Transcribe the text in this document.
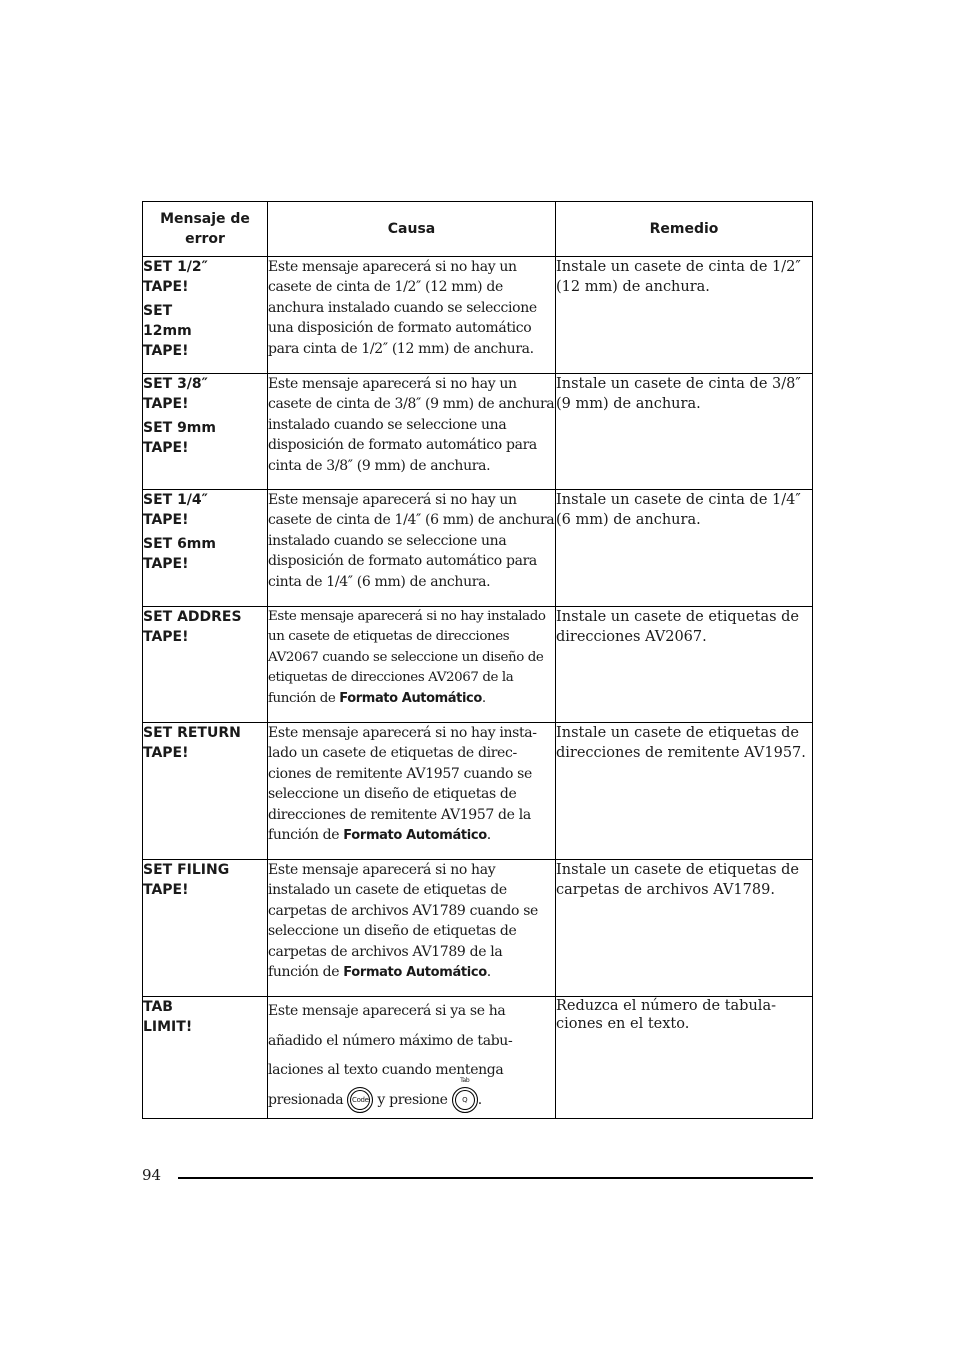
Mensaje de error	Causa	Remedio

SET 1/2″ TAPE!
SET 12mm TAPE!	Este mensaje aparecerá si no hay un casete de cinta de 1/2″ (12 mm) de anchura instalado cuando se seleccione una disposición de formato automático para cinta de 1/2″ (12 mm) de anchura.	Instale un casete de cinta de 1/2″ (12 mm) de anchura.

SET 3/8″ TAPE!
SET 9mm TAPE!	Este mensaje aparecerá si no hay un casete de cinta de 3/8″ (9 mm) de anchura instalado cuando se seleccione una disposición de formato automático para cinta de 3/8″ (9 mm) de anchura.	Instale un casete de cinta de 3/8″ (9 mm) de anchura.

SET 1/4″ TAPE!
SET 6mm TAPE!	Este mensaje aparecerá si no hay un casete de cinta de 1/4″ (6 mm) de anchura instalado cuando se seleccione una disposición de formato automático para cinta de 1/4″ (6 mm) de anchura.	Instale un casete de cinta de 1/4″ (6 mm) de anchura.

SET ADDRES TAPE!	Este mensaje aparecerá si no hay instalado un casete de etiquetas de direcciones AV2067 cuando se seleccione un diseño de etiquetas de direcciones AV2067 de la función de Formato Automático.	Instale un casete de etiquetas de direcciones AV2067.

SET RETURN TAPE!	Este mensaje aparecerá si no hay insta-lado un casete de etiquetas de direc-ciones de remitente AV1957 cuando se seleccione un diseño de etiquetas de direcciones de remitente AV1957 de la función de Formato Automático.	Instale un casete de etiquetas de direcciones de remitente AV1957.

SET FILING TAPE!	Este mensaje aparecerá si no hay instalado un casete de etiquetas de carpetas de archivos AV1789 cuando se seleccione un diseño de etiquetas de carpetas de archivos AV1789 de la función de Formato Automático.	Instale un casete de etiquetas de carpetas de archivos AV1789.

TAB LIMIT!	Este mensaje aparecerá si ya se ha añadido el número máximo de tabu-laciones al texto cuando mentenga presionada Code y presione
Tab
Q .	Reduzca el número de tabula-ciones en el texto.
94
